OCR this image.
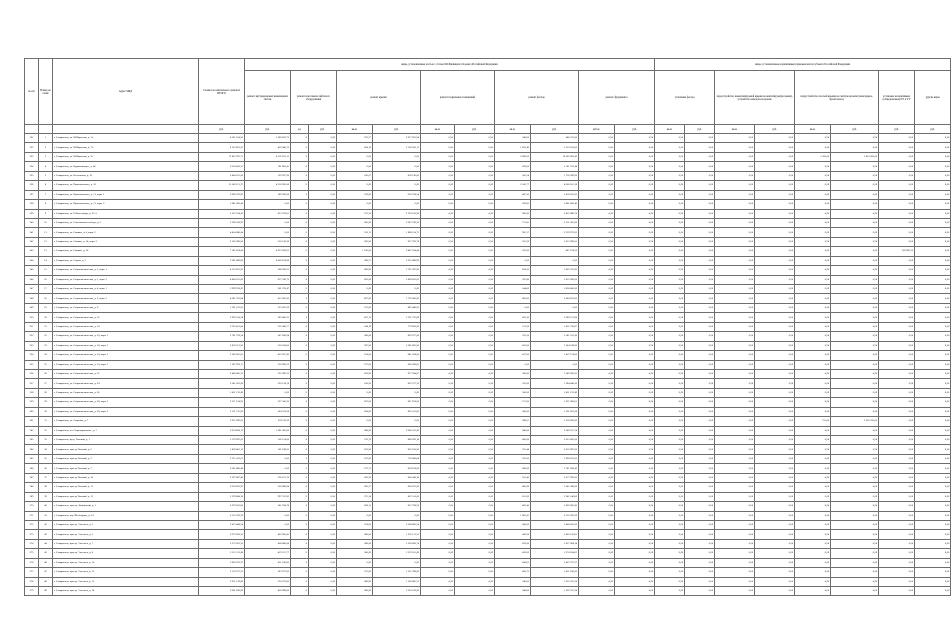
№ п/п	Номер на схеме	Адрес МКД	Стоимость капитального ремонта ИТОГО	виды, установленные частью 1 статьи 166 Жилищного Кодекса Российской Федерации											виды, установленные нормативным правовым актом субъекта Российской Федерации							
				ремонт внутридомовых инженерных систем	ремонт или замена лифтового оборудования		ремонт крыши		ремонт подвальных помещений		ремонт фасада		ремонт фундамента		утепление фасада		переустройство невентилируемой крыши на вентилируемую крышу, устройство выходов на кровлю		переустройство плоской крыши на скатную кровлю (мансардное, фронтонное)		установка коллективных (общедомовых) ПУ и УУ	другие виды
			руб.	руб.	ед.	руб.	кв.м.	руб.	кв.м.	руб.	кв.м.	руб.	куб.м.	руб.	кв.м.	руб.	кв.м.	руб.	кв.м.	руб.	руб.	руб.
331	1	г. Ставрополь, ул. М.Морозова, д. 1А	4 201 014,00	1 289 819,72	0	0,00	781,27	2 917 901,94	0,00	0,00	346,00	446 313,00	0,00	0,00	0,00	0,00	0,00	0,00	0,00	0,00	0,00	0,00
332	2	г. Ставрополь, ул. М.Морозова, д. 7А	6 122 801,47	450 940,70	0	0,00	834,10	2 103 563,11	0,00	0,00	1 491,40	3 110 163,00	0,00	0,00	0,00	0,00	0,00	0,00	0,00	0,00	0,00	0,00
333	3	г. Ставрополь, ул. М.Морозова, д. 55	17 867 870,73	4 559 913,13	0	0,00	0,00	0,00	0,00	0,00	2 828,50	10 285 981,42	0,00	0,00	0,00	0,00	0,00	0,00	1 300,00	3 610 000,00	0,00	0,00
334	4	г. Ставрополь, ул. Орджоникидзе, д. 46	2 524 416,23	781 865,45	0	0,00	0,00	0,00	0,00	0,00	476,00	1 741 570,44	0,00	0,00	0,00	0,00	0,00	0,00	0,00	0,00	0,00	0,00
335	5	г. Ставрополь, ул. Осетинская, д. 10	2 644 221,00	129 937,30	0	0,00	245,07	859 136,60	0,00	0,00	505,54	1 716 399,00	0,00	0,00	0,00	0,00	0,00	0,00	0,00	0,00	0,00	0,00
336	6	г. Ставрополь, ул. Пржевальского, д. 10	11 549 121,27	4 218 905,66	0	0,00	0,00	0,00	0,00	0,00	2 245,77	8 000 051,18	0,00	0,00	0,00	0,00	0,00	0,00	0,00	0,00	0,00	0,00
337	7	г. Ставрополь, ул. Пржевальского, д. 11, корп. 1	2 089 379,83	189 596,26	0	0,00	378,00	918 794,54	0,00	0,00	487,30	1 478 055,03	0,00	0,00	0,00	0,00	0,00	0,00	0,00	0,00	0,00	0,00
338	8	г. Ставрополь, ул. Пржевальского, д. 11, корп. 2	1 681 083,40	0,00	0	0,00	0,00	0,00	0,00	0,00	509,85	1 681 083,40	0,00	0,00	0,00	0,00	0,00	0,00	0,00	0,00	0,00	0,00
339	9	г. Ставрополь, ул. Р.Люксембург, д. 31/А	5 167 524,41	812 379,61	0	0,00	572,50	2 129 156,96	0,00	0,00	900,00	2 455 988,78	0,00	0,00	0,00	0,00	0,00	0,00	0,00	0,00	0,00	0,00
340	10	г. Ставрополь, ул. Соколовская слобода, д. 2	3 198 536,93	0,00	0	0,00	450,00	1 047 199,50	0,00	0,00	715,85	2 151 361,00	0,00	0,00	0,00	0,00	0,00	0,00	0,00	0,00	0,00	0,00
341	11	г. Ставрополь, ул. Спишко, д. 4, корп. 2	4 454 086,04	0,00	0	0,00	553,11	1 888 114,72	0,00	0,00	902,17	2 359 973,02	0,00	0,00	0,00	0,00	0,00	0,00	0,00	0,00	0,00	0,00
342	12	г. Ставрополь, ул. Спишко, д. 14, корп. 2	3 102 396,06	316 126,26	0	0,00	282,00	857 782,78	0,00	0,00	555,59	1 615 928,01	0,00	0,00	0,00	0,00	0,00	0,00	0,00	0,00	0,00	0,00
343	13	г. Ставрополь, ул. Спишко, д. 26	7 181 814,08	4 915 639,91	0	0,00	1 230,00	2 847 104,84	0,00	0,00	247,00	887 314,59	0,00	0,00	0,00	0,00	0,00	0,00	0,00	0,00	183 895,33	0,00
344	14	г. Ставрополь, ул. Строка, д. 2	7 061 489,89	4 060 674,06	0	0,00	396,57	1 032 088,99	0,00	0,00	0,00	0,00	0,00	0,00	0,00	0,00	0,00	0,00	0,00	0,00	0,00	0,00
345	15	г. Ставрополь, ул. Социалистическая, д. 1, корп. 1	4 152 621,02	368 938,33	0	0,00	690,00	1 791 387,00	0,00	0,00	624,50	1 603 710,90	0,00	0,00	0,00	0,00	0,00	0,00	0,00	0,00	0,00	0,00
346	16	г. Ставрополь, ул. Социалистическая, д. 1, корп. 2	4 494 215,82	657 336,72	0	0,00	693,00	1 869 653,63	0,00	0,00	765,80	1 652 296,00	0,00	0,00	0,00	0,00	0,00	0,00	0,00	0,00	0,00	0,00
347	17	г. Ставрополь, ул. Социалистическая, д. 4, корп. 1	1 999 974,47	361 578,47	0	0,00	0,00	0,00	0,00	0,00	544,60	1 638 400,00	0,00	0,00	0,00	0,00	0,00	0,00	0,00	0,00	0,00	0,00
348	18	г. Ставрополь, ул. Социалистическая, д. 9, корп. 2	4 281 353,84	457 495,90	0	0,00	897,00	1 739 360,00	0,00	0,00	802,00	2 084 053,00	0,00	0,00	0,00	0,00	0,00	0,00	0,00	0,00	0,00	0,00
349	19	г. Ставрополь, ул. Социалистическая, д. 9	1 191 213,03	315 635,59	0	0,00	572,00	885 446,02	0,00	0,00	0,00	0,00	0,00	0,00	0,00	0,00	0,00	0,00	0,00	0,00	0,00	0,00
350	20	г. Ставрополь, ул. Социалистическая, д. 10	2 993 514,28	385 660,23	0	0,00	427,13	1 231 722,09	0,00	0,00	423,30	1 380 131,96	0,00	0,00	0,00	0,00	0,00	0,00	0,00	0,00	0,00	0,00
351	21	г. Ставрополь, ул. Социалистическая, д. 14	2 763 451,64	352 046,77	0	0,00	244,19	779 656,00	0,00	0,00	511,39	1 631 756,87	0,00	0,00	0,00	0,00	0,00	0,00	0,00	0,00	0,00	0,00
352	22	г. Ставрополь, ул. Социалистическая, д. 16, корп. 1	2 781 759,24	347 636,94	0	0,00	286,00	892 077,00	0,00	0,00	535,50	1 541 315,00	0,00	0,00	0,00	0,00	0,00	0,00	0,00	0,00	0,00	0,00
353	23	г. Ставрополь, ул. Социалистическая, д. 18, корп. 1	2 476 251,00	250 108,00	0	0,00	367,00	1 081 605,00	0,00	0,00	453,00	1 144 538,00	0,00	0,00	0,00	0,00	0,00	0,00	0,00	0,00	0,00	0,00
354	24	г. Ставрополь, ул. Социалистическая, д. 18, корп. 2	2 182 625,62	433 267,42	0	0,00	274,00	941 204,00	0,00	0,00	437,00	1 427 114,00	0,00	0,00	0,00	0,00	0,00	0,00	0,00	0,00	0,00	0,00
355	25	г. Ставрополь, ул. Социалистическая, д. 20, корп. 1	1 187 978,17	250 996,22	0	0,00	275,00	836 396,65	0,00	0,00	0,00	0,00	0,00	0,00	0,00	0,00	0,00	0,00	0,00	0,00	0,00	0,00
356	26	г. Ставрополь, ул. Социалистическая, д. 22	2 449 065,32	332 098,12	0	0,00	263,00	877 304,87	0,00	0,00	506,00	1 249 382,03	0,00	0,00	0,00	0,00	0,00	0,00	0,00	0,00	0,00	0,00
357	27	г. Ставрополь, ул. Социалистическая, д. 24	2 341 052,09	220 134,76	0	0,00	256,00	832 577,33	0,00	0,00	510,00	1 284 440,00	0,00	0,00	0,00	0,00	0,00	0,00	0,00	0,00	0,00	0,00
358	28	г. Ставрополь, ул. Социалистическая, д. 26	1 451 176,49	0,00	0	0,00	0,00	0,00	0,00	0,00	506,00	1 451 176,49	0,00	0,00	0,00	0,00	0,00	0,00	0,00	0,00	0,00	0,00
359	29	г. Ставрополь, ул. Социалистическая, д. 28, корп. 1	2 271 124,93	227 345,30	0	0,00	267,00	821 874,00	0,00	0,00	517,00	1 221 906,61	0,00	0,00	0,00	0,00	0,00	0,00	0,00	0,00	0,00	0,00
360	30	г. Ставрополь, ул. Социалистическая, д. 28, корп. 2	2 151 715,09	244 574,38	0	0,00	264,00	805 515,63	0,00	0,00	506,00	1 101 625,08	0,00	0,00	0,00	0,00	0,00	0,00	0,00	0,00	0,00	0,00
361	31	г. Ставрополь, ул. Спартака, д. 7	1 931 909,03	320 116,59	0	0,00	0,00	0,00	0,00	0,00	398,07	1 128 902,00	0,00	0,00	0,00	0,00	0,00	0,00	755,00	2 361 785,00	0,00	0,00
362	32	г. Ставрополь, пл. Старомарьевское, д. 7	3 674 824,12	1 381 063,00	0	0,00	946,00	2 346 315,42	0,00	0,00	946,00	2 348 351,74	0,00	0,00	0,00	0,00	0,00	0,00	0,00	0,00	0,00	0,00
363	33	г. Ставрополь, пр-д. Томский, д. 1	1 578 997,02	162 114,00	0	0,00	276,70	880 876,16	0,00	0,00	600,00	2 025 605,00	0,00	0,00	0,00	0,00	0,00	0,00	0,00	0,00	0,00	0,00
364	34	г. Ставрополь, проезд Томский, д. 2	1 409 461,12	161 188,03	0	0,00	281,00	832 106,00	0,00	0,00	535,44	2 055 987,00	0,00	0,00	0,00	0,00	0,00	0,00	0,00	0,00	0,00	0,00
365	35	г. Ставрополь, проезд Томский, д. 3	2 711 413,01	0,00	0	0,00	270,00	750 408,64	0,00	0,00	535,00	1 990 872,00	0,00	0,00	0,00	0,00	0,00	0,00	0,00	0,00	0,00	0,00
366	36	г. Ставрополь, проезд Томский, д. 7	2 001 866,48	0,00	0	0,00	272,72	859 674,06	0,00	0,00	608,00	1 741 296,42	0,00	0,00	0,00	0,00	0,00	0,00	0,00	0,00	0,00	0,00
367	37	г. Ставрополь, проезд Томский, д. 10	3 297 867,40	356 221,76	0	0,00	285,20	806 346,16	0,00	0,00	555,40	2 077 993,00	0,00	0,00	0,00	0,00	0,00	0,00	0,00	0,00	0,00	0,00
368	38	г. Ставрополь, проезд Томский, д. 11	2 024 991,93	209 089,94	0	0,00	285,57	834 591,00	0,00	0,00	485,99	1 545 340,00	0,00	0,00	0,00	0,00	0,00	0,00	0,00	0,00	0,00	0,00
369	39	г. Ставрополь, проезд Томский, д. 15	3 199 864,38	997 570,82	0	0,00	275,54	867 141,06	0,00	0,00	615,00	2 241 146,60	0,00	0,00	0,00	0,00	0,00	0,00	0,00	0,00	0,00	0,00
370	40	г. Ставрополь, проезд. Фабричный, д. 1	2 679 653,60	241 934,76	0	0,00	284,15	812 794,59	0,00	0,00	462,40	1 626 002,42	0,00	0,00	0,00	0,00	0,00	0,00	0,00	0,00	0,00	0,00
371	41	г. Ставрополь, пер. Шебалдина, д. 3/5	3 510 329,29	0,00	0	0,00	0,00	0,00	0,00	0,00	1 065,47	3 510 329,29	0,00	0,00	0,00	0,00	0,00	0,00	0,00	0,00	0,00	0,00
372	42	г. Ставрополь, проезд. Энгельса, д. 3	2 473 484,54	0,00	0	0,00	374,00	1 008 882,54	0,00	0,00	456,00	1 464 505,00	0,00	0,00	0,00	0,00	0,00	0,00	0,00	0,00	0,00	0,00
373	43	г. Ставрополь, проезд. Энгельса, д. 5	3 979 926,30	403 956,43	0	0,00	380,00	1 352 111,52	0,00	0,00	442,26	1 402 136,83	0,00	0,00	0,00	0,00	0,00	0,00	0,00	0,00	0,00	0,00
374	44	г. Ставрополь, проезд. Энгельса, д. 7	3 272 261,20	406 860,66	0	0,00	368,00	1 228 626,74	0,00	0,00	476,00	1 637 364,34	0,00	0,00	0,00	0,00	0,00	0,00	0,00	0,00	0,00	0,00
375	45	г. Ставрополь, проезд. Энгельса, д. 8	3 112 311,46	419 125,77	0	0,00	366,00	1 319 161,06	0,00	0,00	426,00	1 374 204,63	0,00	0,00	0,00	0,00	0,00	0,00	0,00	0,00	0,00	0,00
376	46	г. Ставрополь, проезд. Энгельса, д. 10	1 838 763,23	431 196,60	0	0,00	0,00	0,00	0,00	0,00	436,61	1 407 372,57	0,00	0,00	0,00	0,00	0,00	0,00	0,00	0,00	0,00	0,00
377	47	г. Ставрополь, проезд. Энгельса, д. 12	3 174 727,50	387 872,00	0	0,00	372,00	1 135 788,00	0,00	0,00	426,75	1 651 166,00	0,00	0,00	0,00	0,00	0,00	0,00	0,00	0,00	0,00	0,00
378	48	г. Ставрополь, проезд. Энгельса, д. 13	2 931 139,89	350 072,60	0	0,00	366,00	1 160 865,51	0,00	0,00	540,00	1 332 301,24	0,00	0,00	0,00	0,00	0,00	0,00	0,00	0,00	0,00	0,00
379	49	г. Ставрополь, проезд. Энгельса, д. 14	2 961 626,09	450 998,00	0	0,00	366,00	1 320 126,00	0,00	0,00	548,00	1 192 501,34	0,00	0,00	0,00	0,00	0,00	0,00	0,00	0,00	0,00	0,00
